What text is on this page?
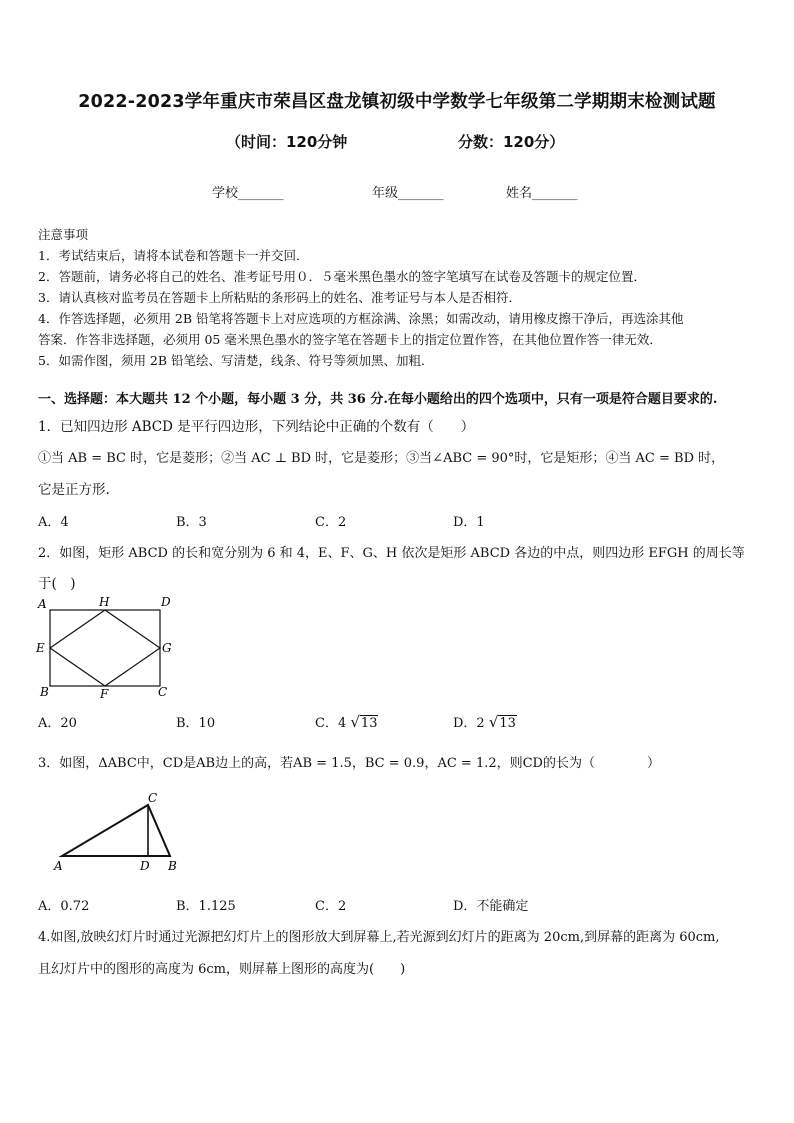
2022-2023学年重庆市荣昌区盘龙镇初级中学数学七年级第二学期期末检测试题
（时间：120分钟	分数：120分）
学校_______	年级_______	姓名_______
注意事项
1．考试结束后，请将本试卷和答题卡一并交回．
2．答题前，请务必将自己的姓名、准考证号用０．５毫米黑色墨水的签字笔填写在试卷及答题卡的规定位置．
3．请认真核对监考员在答题卡上所粘贴的条形码上的姓名、准考证号与本人是否相符．
4．作答选择题，必须用 2B 铅笔将答题卡上对应选项的方框涂满、涂黑；如需改动，请用橡皮擦干净后，再选涂其他
答案．作答非选择题，必须用 05 毫米黑色墨水的签字笔在答题卡上的指定位置作答，在其他位置作答一律无效．
5．如需作图，须用 2B 铅笔绘、写清楚，线条、符号等须加黑、加粗．
一、选择题：本大题共 12 个小题，每小题 3 分，共 36 分.在每小题给出的四个选项中，只有一项是符合题目要求的.
1．已知四边形 ABCD 是平行四边形，下列结论中正确的个数有（　　）
①当 AB = BC 时，它是菱形；②当 AC ⊥ BD 时，它是菱形；③当∠ABC = 90°时，它是矩形；④当 AC = BD 时，
它是正方形.
A．4	B．3	C．2	D．1
2．如图，矩形 ABCD 的长和宽分别为 6 和 4，E、F、G、H 依次是矩形 ABCD 各边的中点，则四边形 EFGH 的周长等
于(　)
A	H	D
E	G
B	F	C
A．20	B．10	C．4 √13	D．2 √13
3．如图，ΔABC中，CD是AB边上的高，若AB = 1.5，BC = 0.9，AC = 1.2，则CD的长为（　　　　）
A
C
D B
A．0.72	B．1.125	C．2	D．不能确定
4.如图,放映幻灯片时通过光源把幻灯片上的图形放大到屏幕上,若光源到幻灯片的距离为 20cm,到屏幕的距离为 60cm,
且幻灯片中的图形的高度为 6cm，则屏幕上图形的高度为(　　)
